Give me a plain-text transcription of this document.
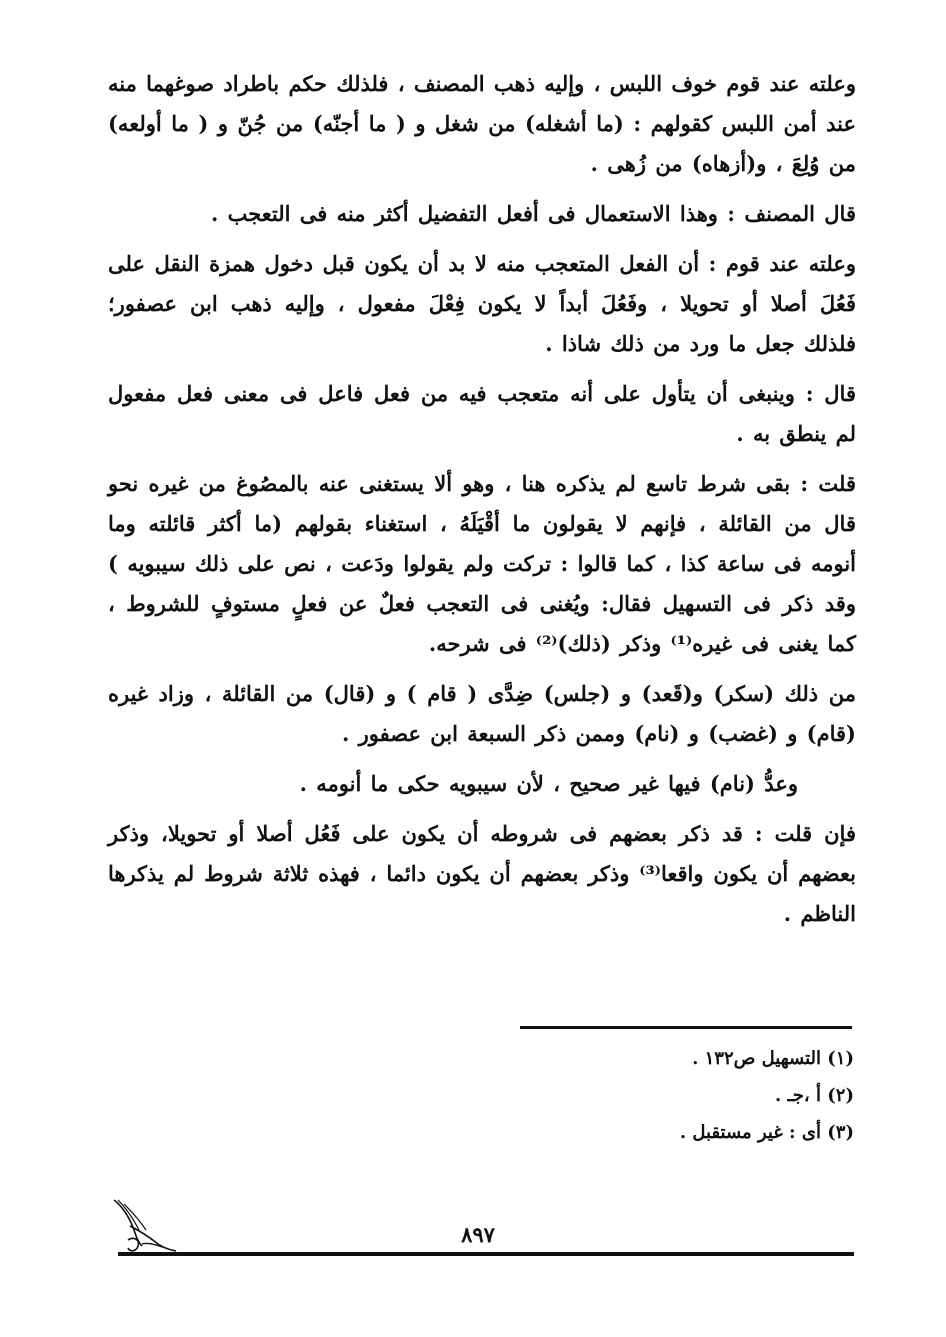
وعلته عند قوم خوف اللبس ، وإليه ذهب المصنف ، فلذلك حكم باطراد صوغهما منه عند أمن اللبس كقولهم : (ما أشغله) من شغل و ( ما أجنّه) من جُنّ و ( ما أولعه) من وُلِعَ ، و(أزهاه) من زُهى .

قال المصنف : وهذا الاستعمال فى أفعل التفضيل أكثر منه فى التعجب .

وعلته عند قوم : أن الفعل المتعجب منه لا بد أن يكون قبل دخول همزة النقل على فَعُلَ أصلا أو تحويلا ، وفَعُلَ أبداً لا يكون فِعْلَ مفعول ، وإليه ذهب ابن عصفور؛ فلذلك جعل ما ورد من ذلك شاذا .

قال : وينبغى أن يتأول على أنه متعجب فيه من فعل فاعل فى معنى فعل مفعول لم ينطق به .

قلت : بقى شرط تاسع لم يذكره هنا ، وهو ألا يستغنى عنه بالمصُوغ من غيره نحو قال من القائلة ، فإنهم لا يقولون ما أقْيَلَهُ ، استغناء بقولهم (ما أكثر قائلته وما أنومه فى ساعة كذا ، كما قالوا : تركت ولم يقولوا ودَعت ، نص على ذلك سيبويه ) وقد ذكر فى التسهيل فقال: ويُغنى فى التعجب فعلٌ عن فعلٍ مستوفٍ للشروط ، كما يغنى فى غيره⁽¹⁾ وذكر (ذلك)⁽²⁾ فى شرحه.

من ذلك (سكر) و(قَعد) و (جلس) ضِدَّى ( قام ) و (قال) من القائلة ، وزاد غيره (قام) و (غضب) و (نام) وممن ذكر السبعة ابن عصفور .

وعدُّ (نام) فيها غير صحيح ، لأن سيبويه حكى ما أنومه .

فإن قلت : قد ذكر بعضهم فى شروطه أن يكون على فَعُل أصلا أو تحويلا، وذكر بعضهم أن يكون واقعا⁽³⁾ وذكر بعضهم أن يكون دائما ، فهذه ثلاثة شروط لم يذكرها الناظم .

(١) التسهيل ص١٣٢ .

(٢) أ ،جـ .

(٣) أى : غير مستقبل .

٨٩٧
